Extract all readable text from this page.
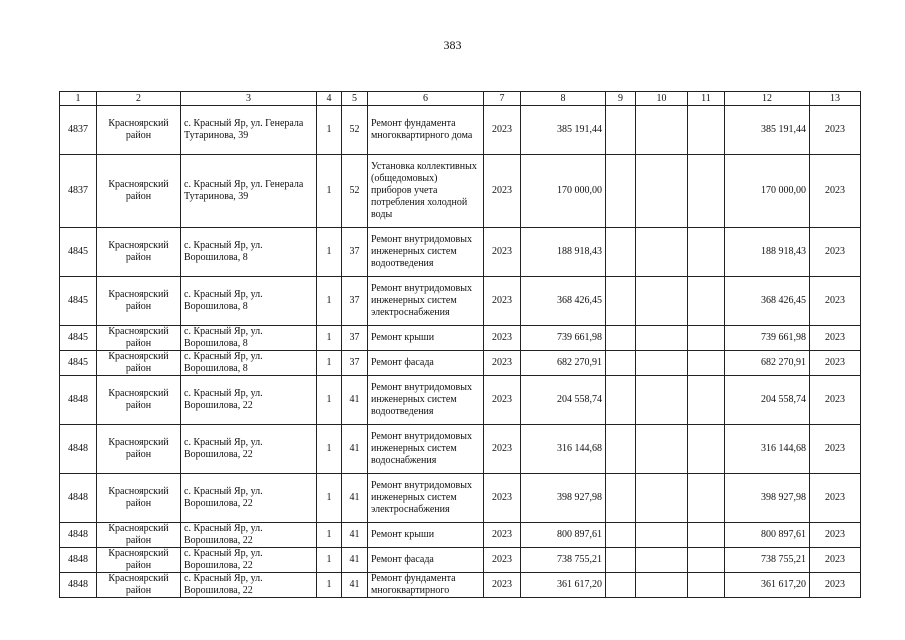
383
1	2	3	4	5	6	7	8	9	10	11	12	13

4837	Красноярский район	с. Красный Яр, ул. Генерала Тутаринова, 39	1	52	Ремонт фундамента многоквартирного дома	2023	385 191,44				385 191,44	2023

4837	Красноярский район	с. Красный Яр, ул. Генерала Тутаринова, 39	1	52	Установка коллективных (общедомовых) приборов учета потребления холодной воды	2023	170 000,00				170 000,00	2023

4845	Красноярский район	с. Красный Яр, ул. Ворошилова, 8	1	37	Ремонт внутридомовых инженерных систем водоотведения	2023	188 918,43				188 918,43	2023

4845	Красноярский район	с. Красный Яр, ул. Ворошилова, 8	1	37	Ремонт внутридомовых инженерных систем электроснабжения	2023	368 426,45				368 426,45	2023

4845	Красноярский район	с. Красный Яр, ул. Ворошилова, 8	1	37	Ремонт крыши	2023	739 661,98				739 661,98	2023

4845	Красноярский район	с. Красный Яр, ул. Ворошилова, 8	1	37	Ремонт фасада	2023	682 270,91				682 270,91	2023

4848	Красноярский район	с. Красный Яр, ул. Ворошилова, 22	1	41	Ремонт внутридомовых инженерных систем водоотведения	2023	204 558,74				204 558,74	2023

4848	Красноярский район	с. Красный Яр, ул. Ворошилова, 22	1	41	Ремонт внутридомовых инженерных систем водоснабжения	2023	316 144,68				316 144,68	2023

4848	Красноярский район	с. Красный Яр, ул. Ворошилова, 22	1	41	Ремонт внутридомовых инженерных систем электроснабжения	2023	398 927,98				398 927,98	2023

4848	Красноярский район	с. Красный Яр, ул. Ворошилова, 22	1	41	Ремонт крыши	2023	800 897,61				800 897,61	2023

4848	Красноярский район	с. Красный Яр, ул. Ворошилова, 22	1	41	Ремонт фасада	2023	738 755,21				738 755,21	2023

4848	Красноярский район	с. Красный Яр, ул. Ворошилова, 22	1	41	Ремонт фундамента многоквартирного	2023	361 617,20				361 617,20	2023
